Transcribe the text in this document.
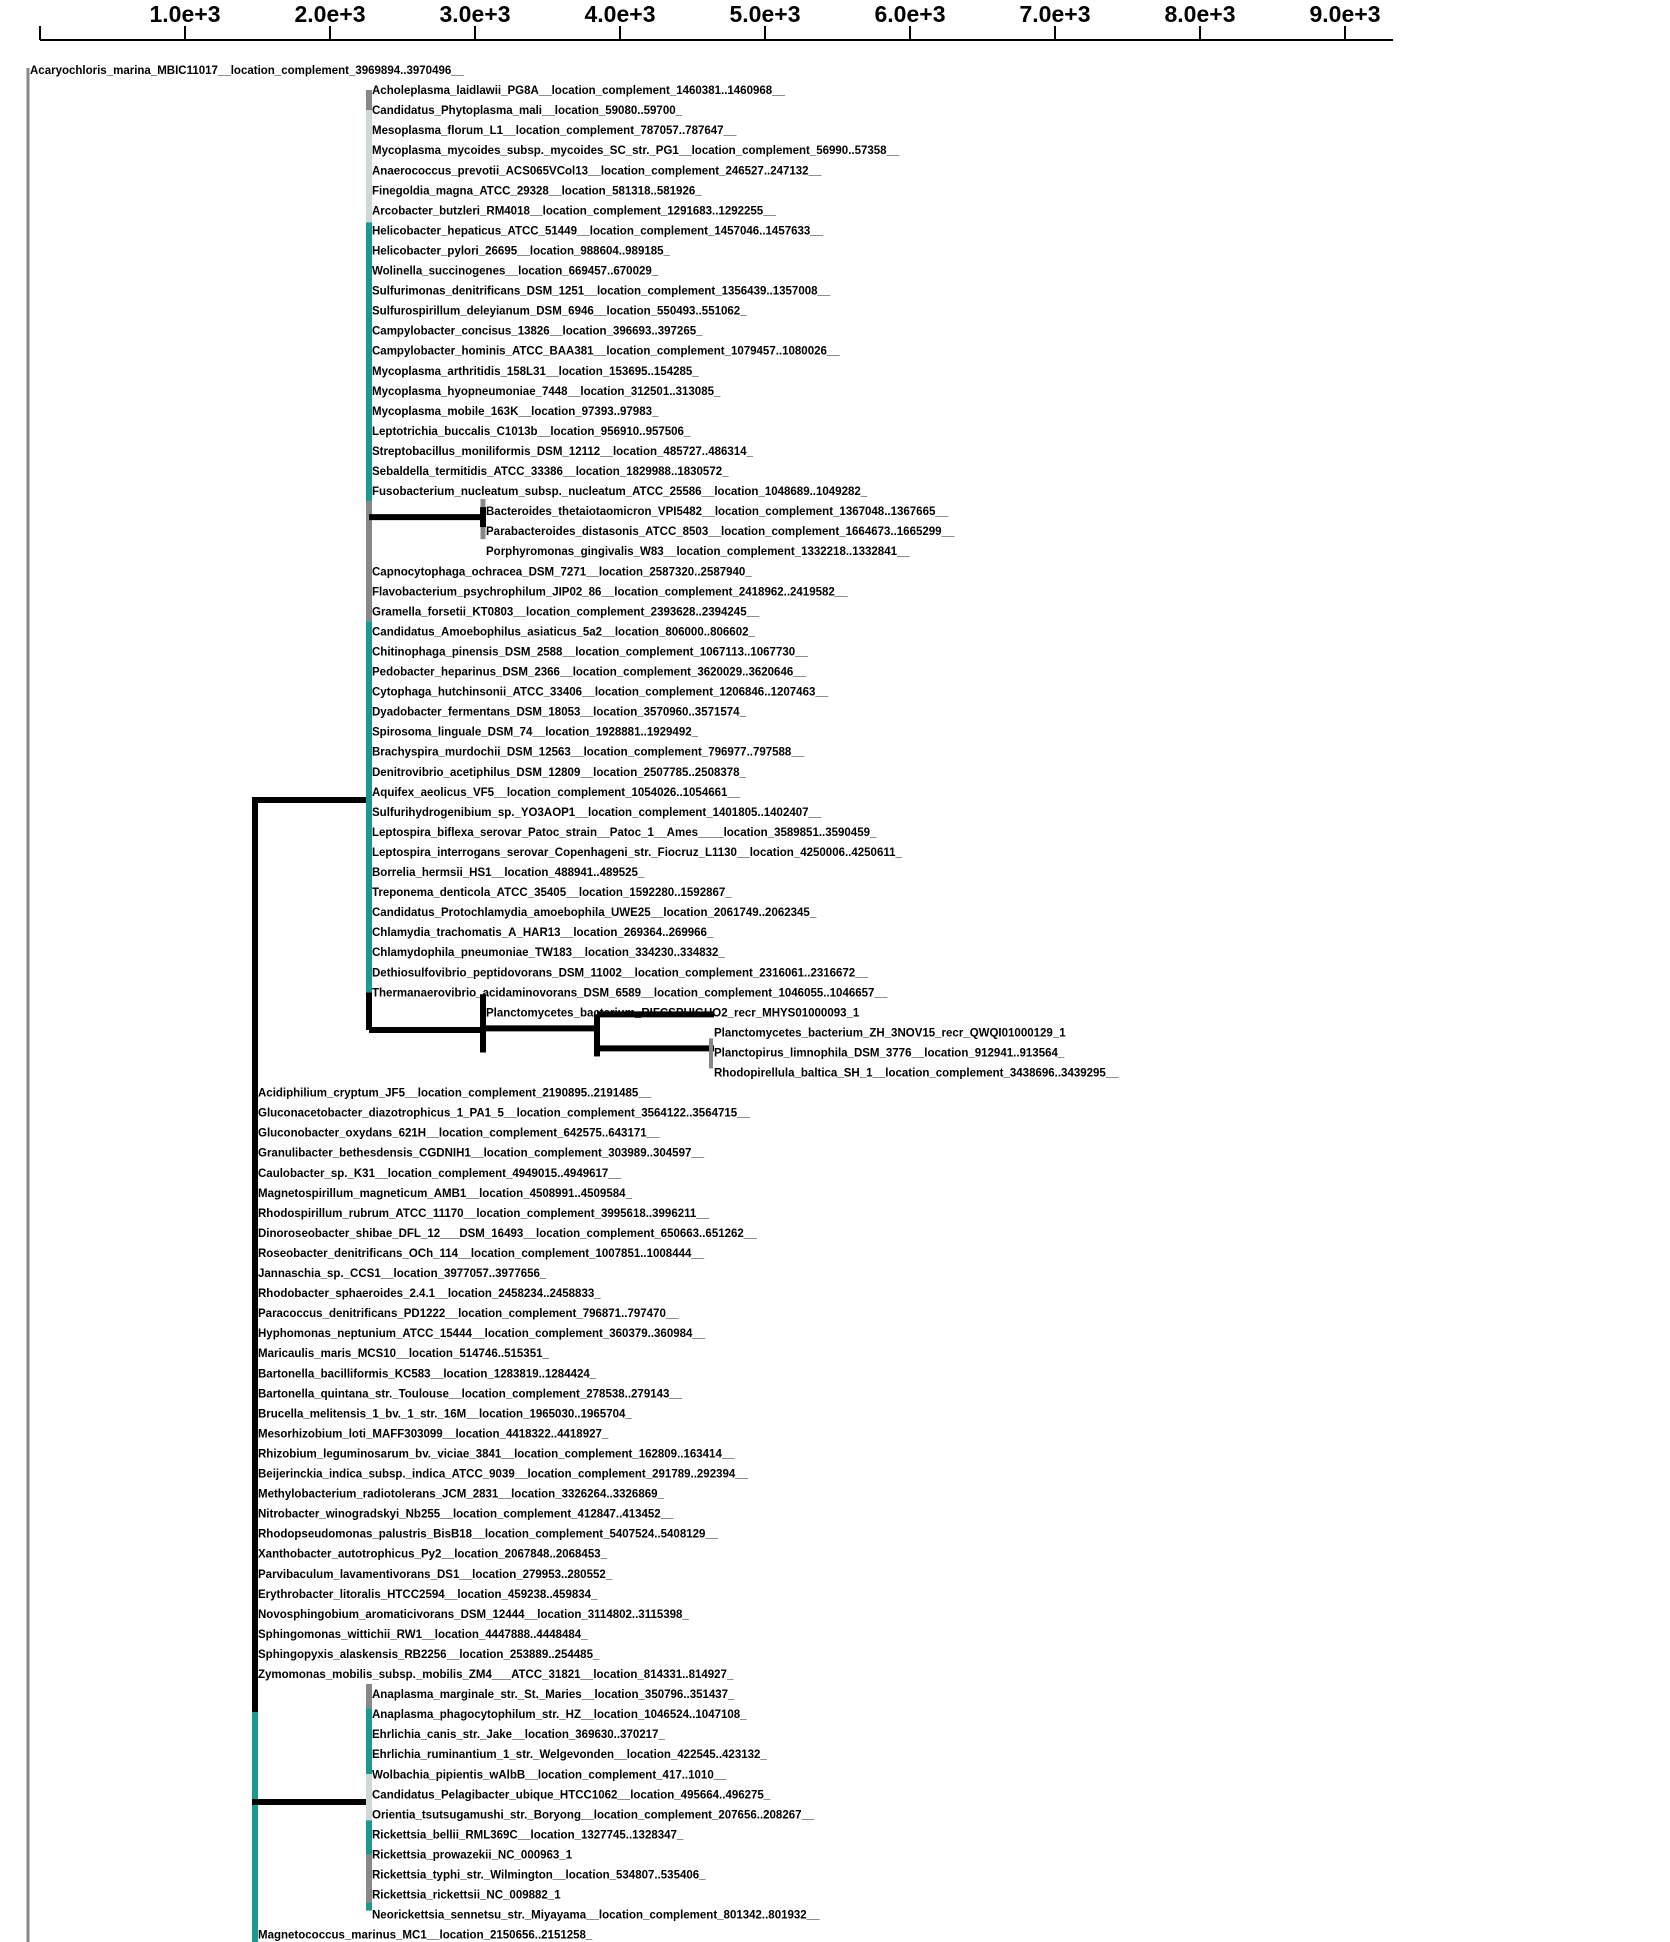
1.0e+3	2.0e+3	3.0e+3	4.0e+3	5.0e+3	6.0e+3	7.0e+3	8.0e+3	9.0e+3
Acaryochloris_marina_MBIC11017__location_complement_3969894..3970496__
Acholeplasma_laidlawii_PG8A__location_complement_1460381..1460968__
Candidatus_Phytoplasma_mali__location_59080..59700_
Mesoplasma_florum_L1__location_complement_787057..787647__
Mycoplasma_mycoides_subsp._mycoides_SC_str._PG1__location_complement_56990..57358__
Anaerococcus_prevotii_ACS065VCol13__location_complement_246527..247132__
Finegoldia_magna_ATCC_29328__location_581318..581926_
Arcobacter_butzleri_RM4018__location_complement_1291683..1292255__
Helicobacter_hepaticus_ATCC_51449__location_complement_1457046..1457633__
Helicobacter_pylori_26695__location_988604..989185_
Wolinella_succinogenes__location_669457..670029_
Sulfurimonas_denitrificans_DSM_1251__location_complement_1356439..1357008__
Sulfurospirillum_deleyianum_DSM_6946__location_550493..551062_
Campylobacter_concisus_13826__location_396693..397265_
Campylobacter_hominis_ATCC_BAA381__location_complement_1079457..1080026__
Mycoplasma_arthritidis_158L31__location_153695..154285_
Mycoplasma_hyopneumoniae_7448__location_312501..313085_
Mycoplasma_mobile_163K__location_97393..97983_
Leptotrichia_buccalis_C1013b__location_956910..957506_
Streptobacillus_moniliformis_DSM_12112__location_485727..486314_
Sebaldella_termitidis_ATCC_33386__location_1829988..1830572_
Fusobacterium_nucleatum_subsp._nucleatum_ATCC_25586__location_1048689..1049282_
Bacteroides_thetaiotaomicron_VPI5482__location_complement_1367048..1367665__
Parabacteroides_distasonis_ATCC_8503__location_complement_1664673..1665299__
Porphyromonas_gingivalis_W83__location_complement_1332218..1332841__
Capnocytophaga_ochracea_DSM_7271__location_2587320..2587940_
Flavobacterium_psychrophilum_JIP02_86__location_complement_2418962..2419582__
Gramella_forsetii_KT0803__location_complement_2393628..2394245__
Candidatus_Amoebophilus_asiaticus_5a2__location_806000..806602_
Chitinophaga_pinensis_DSM_2588__location_complement_1067113..1067730__
Pedobacter_heparinus_DSM_2366__location_complement_3620029..3620646__
Cytophaga_hutchinsonii_ATCC_33406__location_complement_1206846..1207463__
Dyadobacter_fermentans_DSM_18053__location_3570960..3571574_
Spirosoma_linguale_DSM_74__location_1928881..1929492_
Brachyspira_murdochii_DSM_12563__location_complement_796977..797588__
Denitrovibrio_acetiphilus_DSM_12809__location_2507785..2508378_
Aquifex_aeolicus_VF5__location_complement_1054026..1054661__
Sulfurihydrogenibium_sp._YO3AOP1__location_complement_1401805..1402407__
Leptospira_biflexa_serovar_Patoc_strain__Patoc_1__Ames____location_3589851..3590459_
Leptospira_interrogans_serovar_Copenhageni_str._Fiocruz_L1130__location_4250006..4250611_
Borrelia_hermsii_HS1__location_488941..489525_
Treponema_denticola_ATCC_35405__location_1592280..1592867_
Candidatus_Protochlamydia_amoebophila_UWE25__location_2061749..2062345_
Chlamydia_trachomatis_A_HAR13__location_269364..269966_
Chlamydophila_pneumoniae_TW183__location_334230..334832_
Dethiosulfovibrio_peptidovorans_DSM_11002__location_complement_2316061..2316672__
Thermanaerovibrio_acidaminovorans_DSM_6589__location_complement_1046055..1046657__
Planctomycetes_bacterium_RIFCSPHIGHO2_recr_MHYS01000093_1
Planctomycetes_bacterium_ZH_3NOV15_recr_QWQI01000129_1
Planctopirus_limnophila_DSM_3776__location_912941..913564_
Rhodopirellula_baltica_SH_1__location_complement_3438696..3439295__
Acidiphilium_cryptum_JF5__location_complement_2190895..2191485__
Gluconacetobacter_diazotrophicus_1_PA1_5__location_complement_3564122..3564715__
Gluconobacter_oxydans_621H__location_complement_642575..643171__
Granulibacter_bethesdensis_CGDNIH1__location_complement_303989..304597__
Caulobacter_sp._K31__location_complement_4949015..4949617__
Magnetospirillum_magneticum_AMB1__location_4508991..4509584_
Rhodospirillum_rubrum_ATCC_11170__location_complement_3995618..3996211__
Dinoroseobacter_shibae_DFL_12___DSM_16493__location_complement_650663..651262__
Roseobacter_denitrificans_OCh_114__location_complement_1007851..1008444__
Jannaschia_sp._CCS1__location_3977057..3977656_
Rhodobacter_sphaeroides_2.4.1__location_2458234..2458833_
Paracoccus_denitrificans_PD1222__location_complement_796871..797470__
Hyphomonas_neptunium_ATCC_15444__location_complement_360379..360984__
Maricaulis_maris_MCS10__location_514746..515351_
Bartonella_bacilliformis_KC583__location_1283819..1284424_
Bartonella_quintana_str._Toulouse__location_complement_278538..279143__
Brucella_melitensis_1_bv._1_str._16M__location_1965030..1965704_
Mesorhizobium_loti_MAFF303099__location_4418322..4418927_
Rhizobium_leguminosarum_bv._viciae_3841__location_complement_162809..163414__
Beijerinckia_indica_subsp._indica_ATCC_9039__location_complement_291789..292394__
Methylobacterium_radiotolerans_JCM_2831__location_3326264..3326869_
Nitrobacter_winogradskyi_Nb255__location_complement_412847..413452__
Rhodopseudomonas_palustris_BisB18__location_complement_5407524..5408129__
Xanthobacter_autotrophicus_Py2__location_2067848..2068453_
Parvibaculum_lavamentivorans_DS1__location_279953..280552_
Erythrobacter_litoralis_HTCC2594__location_459238..459834_
Novosphingobium_aromaticivorans_DSM_12444__location_3114802..3115398_
Sphingomonas_wittichii_RW1__location_4447888..4448484_
Sphingopyxis_alaskensis_RB2256__location_253889..254485_
Zymomonas_mobilis_subsp._mobilis_ZM4___ATCC_31821__location_814331..814927_
Anaplasma_marginale_str._St._Maries__location_350796..351437_
Anaplasma_phagocytophilum_str._HZ__location_1046524..1047108_
Ehrlichia_canis_str._Jake__location_369630..370217_
Ehrlichia_ruminantium_1_str._Welgevonden__location_422545..423132_
Wolbachia_pipientis_wAlbB__location_complement_417..1010__
Candidatus_Pelagibacter_ubique_HTCC1062__location_495664..496275_
Orientia_tsutsugamushi_str._Boryong__location_complement_207656..208267__
Rickettsia_bellii_RML369C__location_1327745..1328347_
Rickettsia_prowazekii_NC_000963_1
Rickettsia_typhi_str._Wilmington__location_534807..535406_
Rickettsia_rickettsii_NC_009882_1
Neorickettsia_sennetsu_str._Miyayama__location_complement_801342..801932__
Magnetococcus_marinus_MC1__location_2150656..2151258_
